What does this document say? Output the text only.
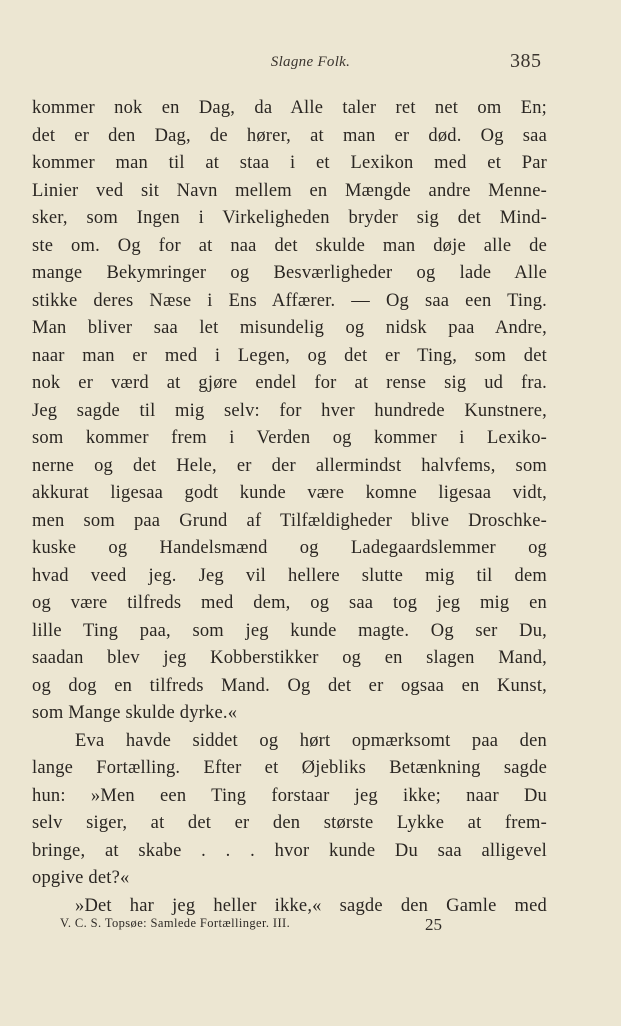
Slagne Folk.	385
kommer nok en Dag, da Alle taler ret net om En;
det er den Dag, de hører, at man er død. Og saa
kommer man til at staa i et Lexikon med et Par
Linier ved sit Navn mellem en Mængde andre Menne-
sker, som Ingen i Virkeligheden bryder sig det Mind-
ste om. Og for at naa det skulde man døje alle de
mange Bekymringer og Besværligheder og lade Alle
stikke deres Næse i Ens Affærer. — Og saa een Ting.
Man bliver saa let misundelig og nidsk paa Andre,
naar man er med i Legen, og det er Ting, som det
nok er værd at gjøre endel for at rense sig ud fra.
Jeg sagde til mig selv: for hver hundrede Kunstnere,
som kommer frem i Verden og kommer i Lexiko-
nerne og det Hele, er der allermindst halvfems, som
akkurat ligesaa godt kunde være komne ligesaa vidt,
men som paa Grund af Tilfældigheder blive Droschke-
kuske og Handelsmænd og Ladegaardslemmer og
hvad veed jeg. Jeg vil hellere slutte mig til dem
og være tilfreds med dem, og saa tog jeg mig en
lille Ting paa, som jeg kunde magte. Og ser Du,
saadan blev jeg Kobberstikker og en slagen Mand,
og dog en tilfreds Mand. Og det er ogsaa en Kunst,
som Mange skulde dyrke.«
Eva havde siddet og hørt opmærksomt paa den
lange Fortælling. Efter et Øjebliks Betænkning sagde
hun: »Men een Ting forstaar jeg ikke; naar Du
selv siger, at det er den største Lykke at frem-
bringe, at skabe . . . hvor kunde Du saa alligevel
opgive det?«
»Det har jeg heller ikke,« sagde den Gamle med
V. C. S. Topsøe: Samlede Fortællinger. III.	25
